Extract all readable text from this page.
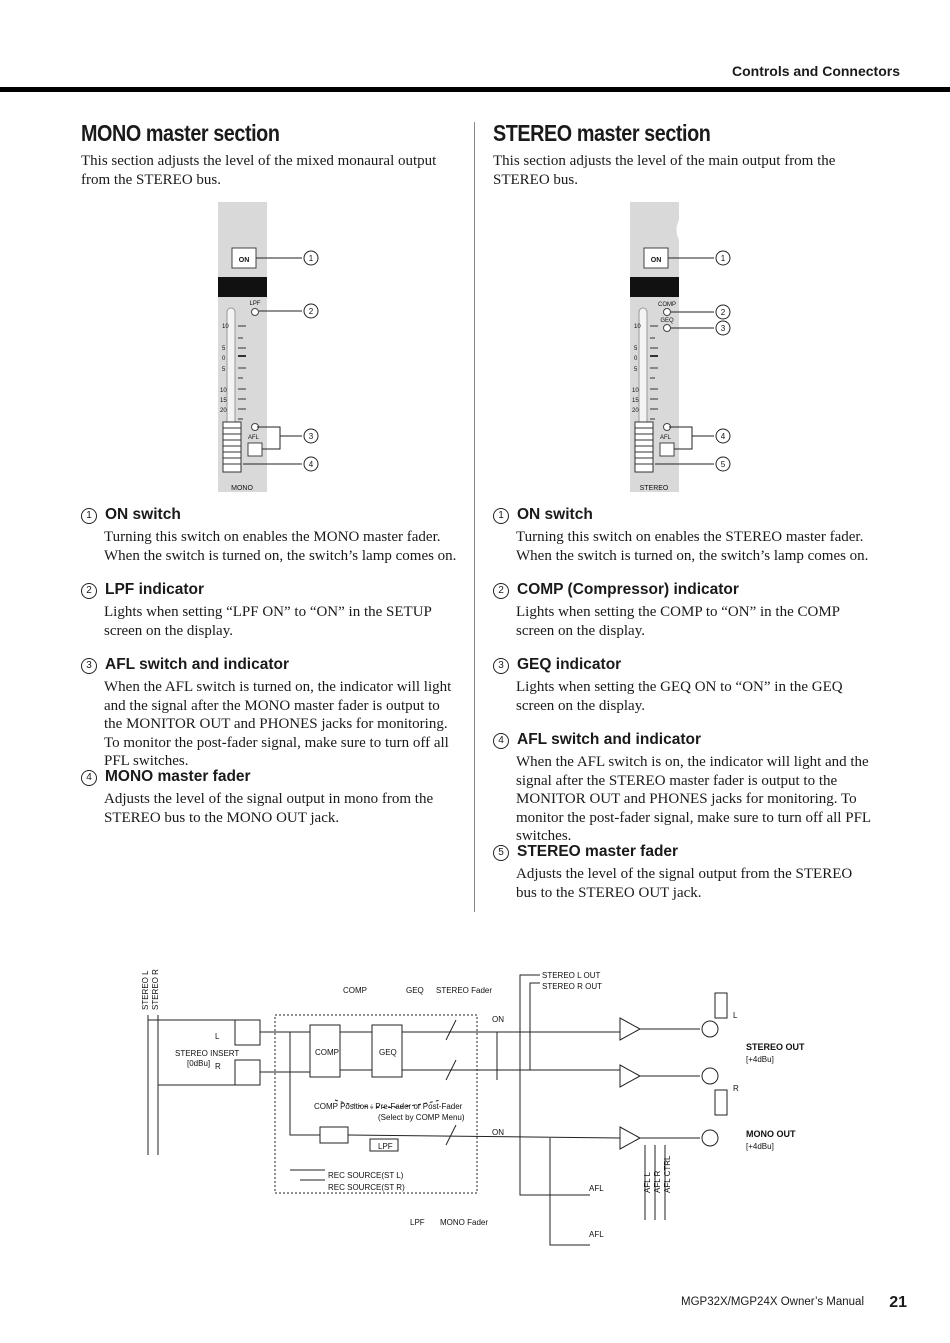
Controls and Connectors
MONO master section

This section adjusts the level of the mixed monaural output from the STEREO bus.

ON
LPF
10
5
0
5
10
15
20
AFL
MONO
1
2
3
4
1 ON switch
Turning this switch on enables the MONO master fader. When the switch is turned on, the switch’s lamp comes on.
2 LPF indicator
Lights when setting “LPF ON” to “ON” in the SETUP screen on the display.
3 AFL switch and indicator
When the AFL switch is turned on, the indicator will light and the signal after the MONO master fader is output to the MONITOR OUT and PHONES jacks for monitoring. To monitor the post-fader signal, make sure to turn off all PFL switches.
4 MONO master fader
Adjusts the level of the signal output in mono from the STEREO bus to the MONO OUT jack.
STEREO master section

This section adjusts the level of the main output from the STEREO bus.

ON
COMP
GEQ
10
5
0
5
10
15
20
AFL
STEREO
1
2
3
4
5
1 ON switch
Turning this switch on enables the STEREO master fader. When the switch is turned on, the switch’s lamp comes on.
2 COMP (Compressor) indicator
Lights when setting the COMP to “ON” in the COMP screen on the display.
3 GEQ indicator
Lights when setting the GEQ ON to “ON” in the GEQ screen on the display.
4 AFL switch and indicator
When the AFL switch is on, the indicator will light and the signal after the STEREO master fader is output to the MONITOR OUT and PHONES jacks for monitoring. To monitor the post-fader signal, make sure to turn off all PFL switches.
5 STEREO master fader
Adjusts the level of the signal output from the STEREO bus to the STEREO OUT jack.
STEREO L STEREO R	COMP	GEQ STEREO Fader
STEREO L OUT
STEREO R OUT
ON
ON
L
R
STEREO INSERT
[0dBu]
COMP	GEQ
COMP Position : Pre-Fader or Post-Fader
(Select by COMP Menu)
LPF
REC SOURCE(ST L)
REC SOURCE(ST R)
LPF MONO Fader
AFL
AFL
AFL L AFL R AFL CTRL
L
R
STEREO OUT
[+4dBu]
MONO OUT
[+4dBu]
MGP32X/MGP24X Owner’s Manual 21
